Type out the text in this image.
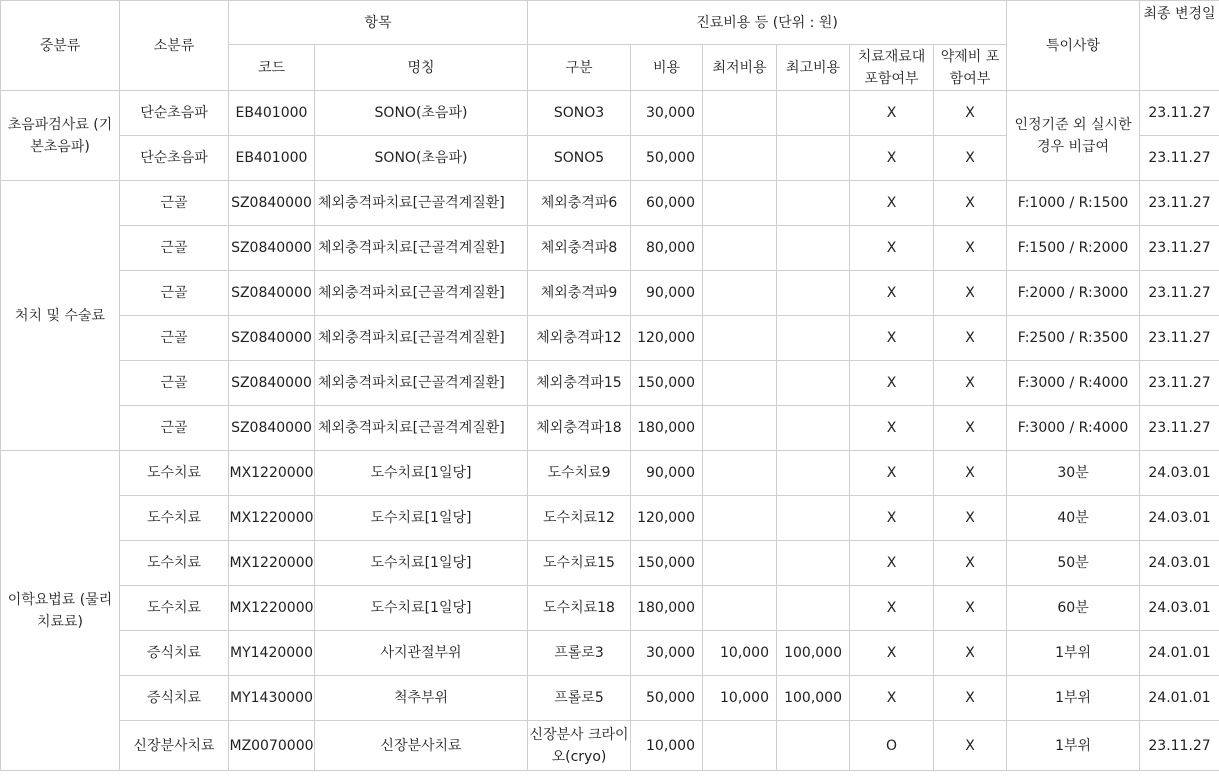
중분류	소분류	항목		진료비용 등 (단위 : 원)						특이사항	최종 변경일
		코드	명칭	구분	비용	최저비용	최고비용	치료재료대 포함여부	약제비 포함여부		
초음파검사료 (기본초음파)	단순초음파	EB401000	SONO(초음파)	SONO3	30,000			X	X	인정기준 외 실시한 경우 비급여	23.11.27
	단순초음파	EB401000	SONO(초음파)	SONO5	50,000			X	X		23.11.27
처치 및 수술료	근골	SZ0840000	체외충격파치료[근골격계질환]	체외충격파6	60,000			X	X	F:1000 / R:1500	23.11.27
	근골	SZ0840000	체외충격파치료[근골격계질환]	체외충격파8	80,000			X	X	F:1500 / R:2000	23.11.27
	근골	SZ0840000	체외충격파치료[근골격계질환]	체외충격파9	90,000			X	X	F:2000 / R:3000	23.11.27
	근골	SZ0840000	체외충격파치료[근골격계질환]	체외충격파12	120,000			X	X	F:2500 / R:3500	23.11.27
	근골	SZ0840000	체외충격파치료[근골격계질환]	체외충격파15	150,000			X	X	F:3000 / R:4000	23.11.27
	근골	SZ0840000	체외충격파치료[근골격계질환]	체외충격파18	180,000			X	X	F:3000 / R:4000	23.11.27
이학요법료 (물리치료료)	도수치료	MX1220000	도수치료[1일당]	도수치료9	90,000			X	X	30분	24.03.01
	도수치료	MX1220000	도수치료[1일당]	도수치료12	120,000			X	X	40분	24.03.01
	도수치료	MX1220000	도수치료[1일당]	도수치료15	150,000			X	X	50분	24.03.01
	도수치료	MX1220000	도수치료[1일당]	도수치료18	180,000			X	X	60분	24.03.01
	증식치료	MY1420000	사지관절부위	프롤로3	30,000	10,000	100,000	X	X	1부위	24.01.01
	증식치료	MY1430000	척추부위	프롤로5	50,000	10,000	100,000	X	X	1부위	24.01.01
	신장분사치료	MZ0070000	신장분사치료	신장분사 크라이오(cryo)	10,000			O	X	1부위	23.11.27
